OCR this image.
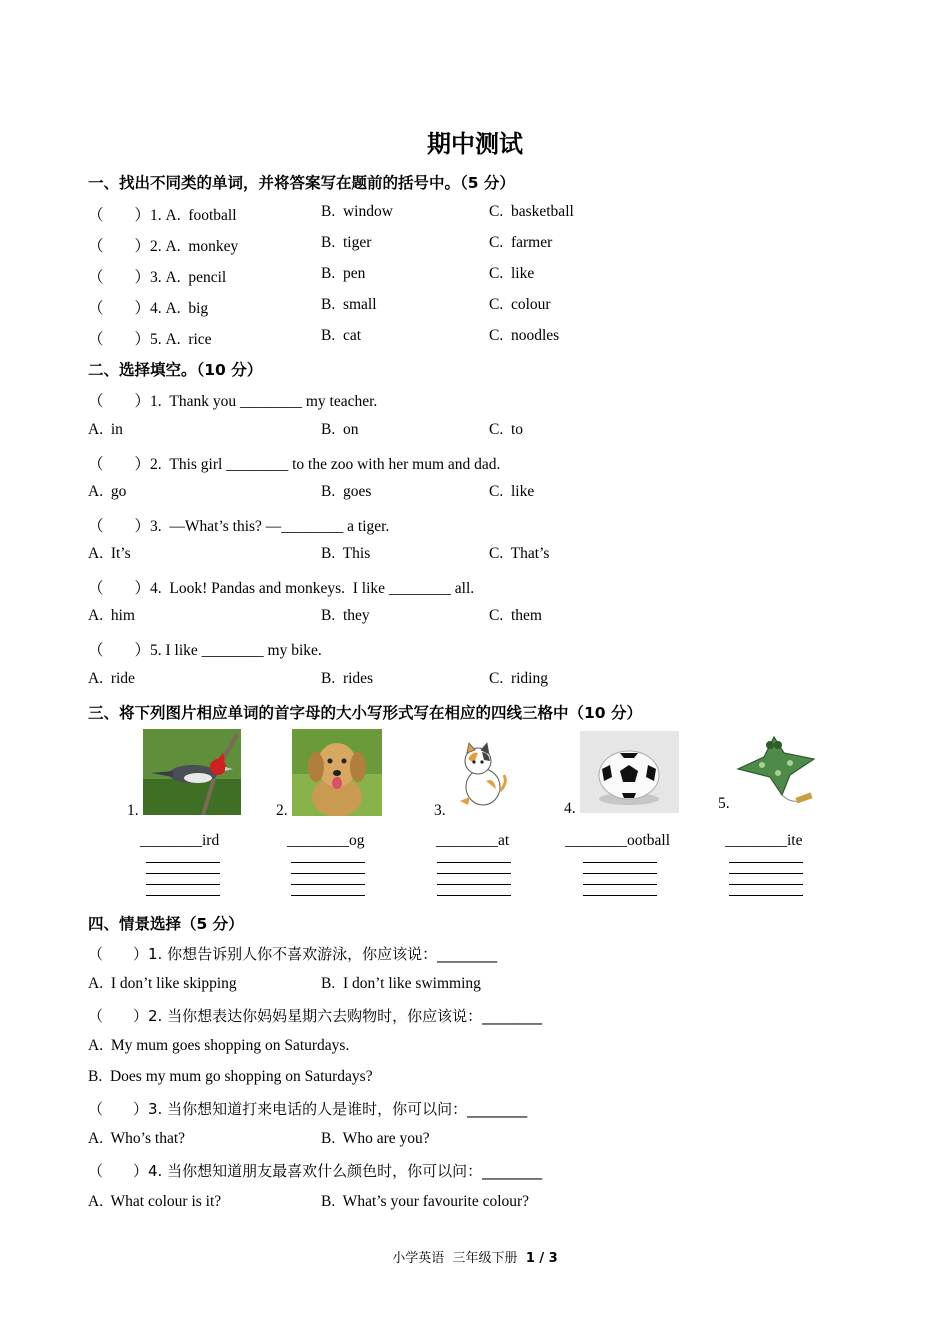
期中测试
一、找出不同类的单词，并将答案写在题前的括号中。（5 分）
（　　）1. A.  football	B.  window	C.  basketball
（　　）2. A.  monkey	B.  tiger	C.  farmer
（　　）3. A.  pencil	B.  pen	C.  like
（　　）4. A.  big	B.  small	C.  colour
（　　）5. A.  rice	B.  cat	C.  noodles
二、选择填空。（10 分）
（　　）1.  Thank you ________ my teacher.
A.  in	B.  on	C.  to
（　　）2.  This girl ________ to the zoo with her mum and dad.
A.  go	B.  goes	C.  like
（　　）3.  —What’s this? —________ a tiger.
A.  It’s	B.  This	C.  That’s
（　　）4.  Look! Pandas and monkeys.  I like ________ all.
A.  him	B.  they	C.  them
（　　）5. I like ________ my bike.
A.  ride	B.  rides	C.  riding
三、将下列图片相应单词的首字母的大小写形式写在相应的四线三格中（10 分）
1.
________ird
2.
________og
3.
________at
4.
________ootball
5.
________ite
四、情景选择（5 分）
（　　）1. 你想告诉别人你不喜欢游泳，你应该说：________
A.  I don’t like skipping	B.  I don’t like swimming
（　　）2. 当你想表达你妈妈星期六去购物时，你应该说：________
A.  My mum goes shopping on Saturdays.
B.  Does my mum go shopping on Saturdays?
（　　）3. 当你想知道打来电话的人是谁时，你可以问：________
A.  Who’s that?	B.  Who are you?
（　　）4. 当你想知道朋友最喜欢什么颜色时，你可以问：________
A.  What colour is it?	B.  What’s your favourite colour?
小学英语  三年级下册  1 / 3
